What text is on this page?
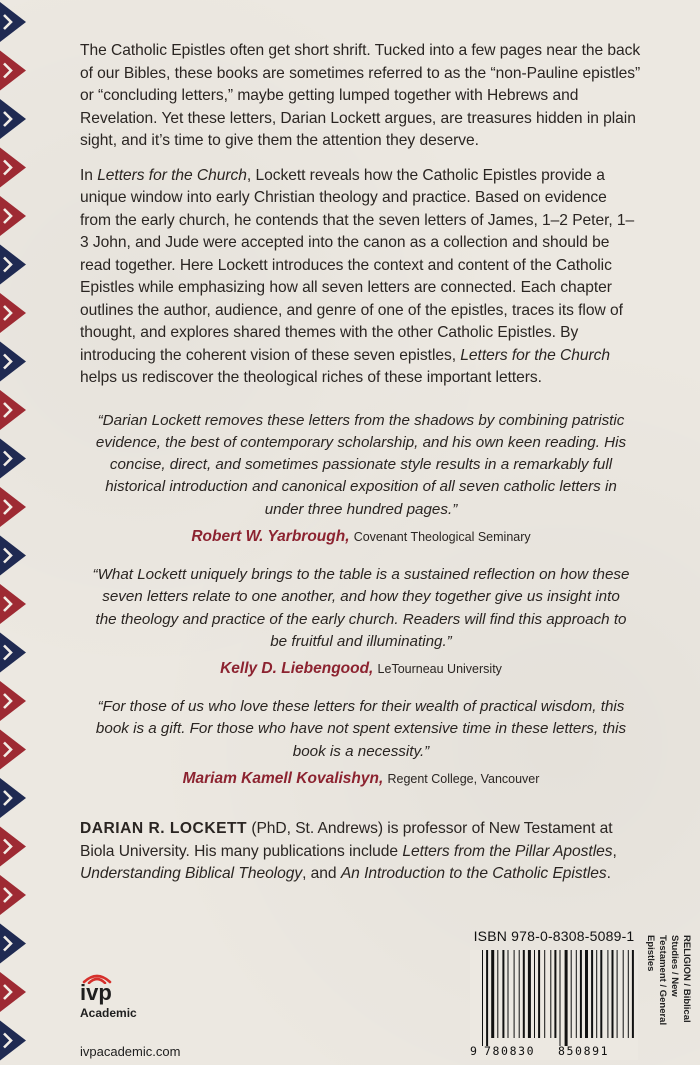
The Catholic Epistles often get short shrift. Tucked into a few pages near the back of our Bibles, these books are sometimes referred to as the “non-Pauline epistles” or “concluding letters,” maybe getting lumped together with Hebrews and Revelation. Yet these letters, Darian Lockett argues, are treasures hidden in plain sight, and it’s time to give them the attention they deserve.

In Letters for the Church, Lockett reveals how the Catholic Epistles provide a unique window into early Christian theology and practice. Based on evidence from the early church, he contends that the seven letters of James, 1–2 Peter, 1–3 John, and Jude were accepted into the canon as a collection and should be read together. Here Lockett introduces the context and content of the Catholic Epistles while emphasizing how all seven letters are connected. Each chapter outlines the author, audience, and genre of one of the epistles, traces its flow of thought, and explores shared themes with the other Catholic Epistles. By introducing the coherent vision of these seven epistles, Letters for the Church helps us rediscover the theological riches of these important letters.

“Darian Lockett removes these letters from the shadows by combining patristic evidence, the best of contemporary scholarship, and his own keen reading. His concise, direct, and sometimes passionate style results in a remarkably full historical introduction and canonical exposition of all seven catholic letters in under three hundred pages.”

Robert W. Yarbrough, Covenant Theological Seminary

“What Lockett uniquely brings to the table is a sustained reflection on how these seven letters relate to one another, and how they together give us insight into the theology and practice of the early church. Readers will find this approach to be fruitful and illuminating.”

Kelly D. Liebengood, LeTourneau University

“For those of us who love these letters for their wealth of practical wisdom, this book is a gift. For those who have not spent extensive time in these letters, this book is a necessity.”

Mariam Kamell Kovalishyn, Regent College, Vancouver

DARIAN R. LOCKETT (PhD, St. Andrews) is professor of New Testament at Biola University. His many publications include Letters from the Pillar Apostles, Understanding Biblical Theology, and An Introduction to the Catholic Epistles.

ivp
Academic
ivpacademic.com
ISBN 978-0-8308-5089-1
9 780830 850891
RELIGION / Biblical Studies / New
Testament / General Epistles
